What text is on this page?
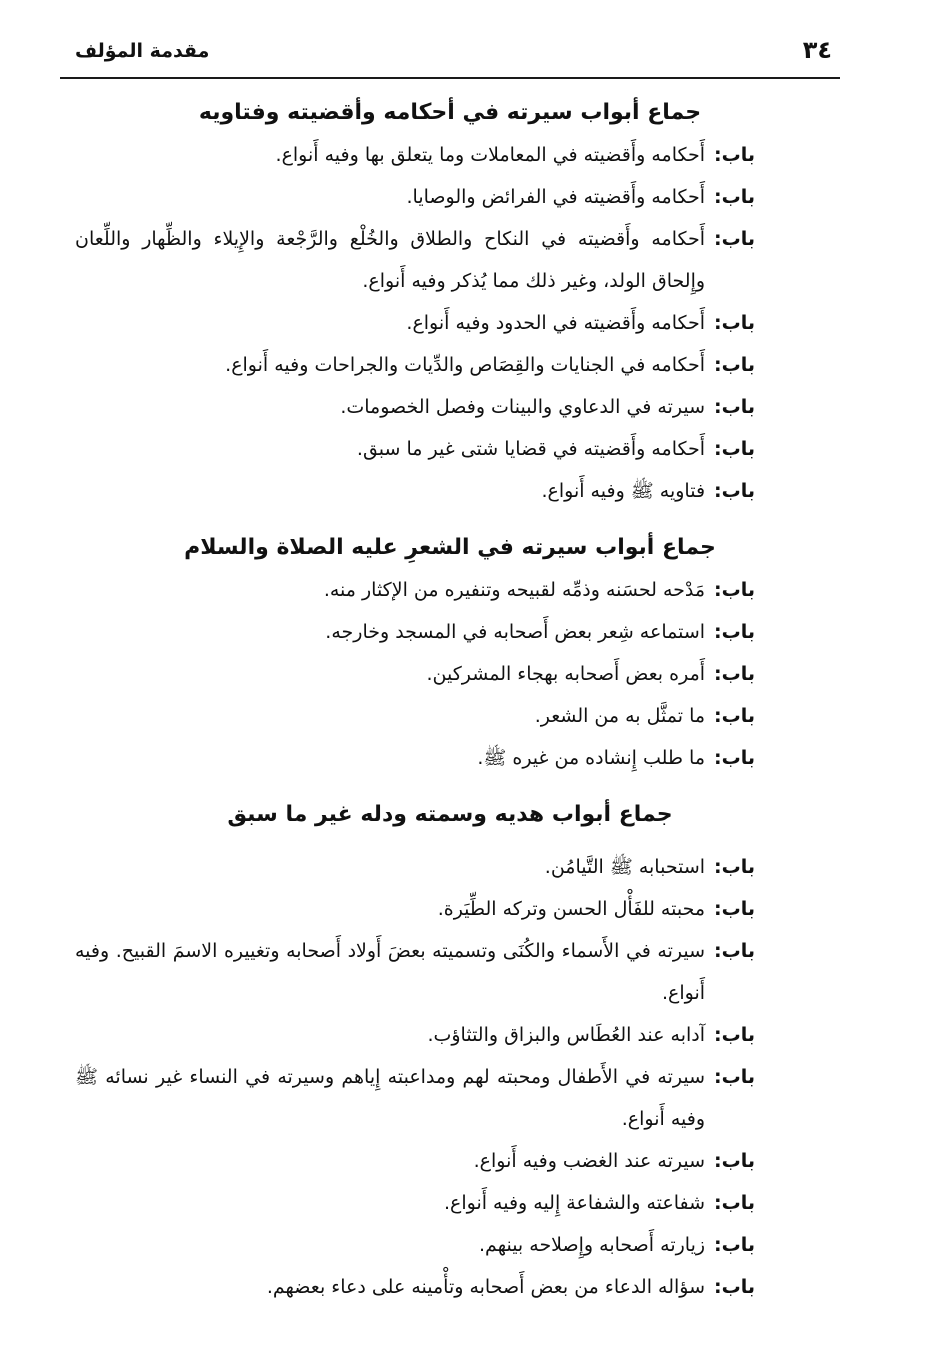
٣٤
مقدمة المؤلف
جماع أبواب سيرته في أحكامه وأقضيته وفتاويه
باب:
أَحكامه وأَقضيته في المعاملات وما يتعلق بها وفيه أَنواع.
باب:
أَحكامه وأَقضيته في الفرائض والوصايا.
باب:
أَحكامه وأَقضيته في النكاح والطلاق والخُلْع والرَّجْعة والإِيلاء والظِّهار واللِّعان وإِلحاق الولد، وغير ذلك مما يُذكر وفيه أَنواع.
باب:
أَحكامه وأَقضيته في الحدود وفيه أَنواع.
باب:
أَحكامه في الجنايات والقِصَاص والدِّيات والجراحات وفيه أَنواع.
باب:
سيرته في الدعاوي والبينات وفصل الخصومات.
باب:
أَحكامه وأَقضيته في قضايا شتى غير ما سبق.
باب:
فتاويه ﷺ وفيه أَنواع.
جماع أبواب سيرته في الشعرِ عليه الصلاة والسلام
باب:
مَدْحه لحسَنه وذمِّه لقبيحه وتنفيره من الإكثار منه.
باب:
استماعه شِعر بعض أَصحابه في المسجد وخارجه.
باب:
أَمره بعض أَصحابه بهجاء المشركين.
باب:
ما تمثَّل به من الشعر.
باب:
ما طلب إِنشاده من غيره ﷺ.
جماع أبواب هديه وسمته ودله غير ما سبق
باب:
استحبابه ﷺ التَّيامُن.
باب:
محبته للفَأْل الحسن وتركه الطِّيَرة.
باب:
سيرته في الأَسماء والكُنَى وتسميته بعضَ أَولاد أَصحابه وتغييره الاسمَ القبيح. وفيه أَنواع.
باب:
آدابه عند العُطَاس والبزاق والتثاؤب.
باب:
سيرته في الأَطفال ومحبته لهم ومداعبته إِياهم وسيرته في النساء غير نسائه ﷺ وفيه أَنواع.
باب:
سيرته عند الغضب وفيه أَنواع.
باب:
شفاعته والشفاعة إِليه وفيه أَنواع.
باب:
زيارته أَصحابه وإِصلاحه بينهم.
باب:
سؤاله الدعاء من بعض أَصحابه وتأْمينه على دعاء بعضهم.
